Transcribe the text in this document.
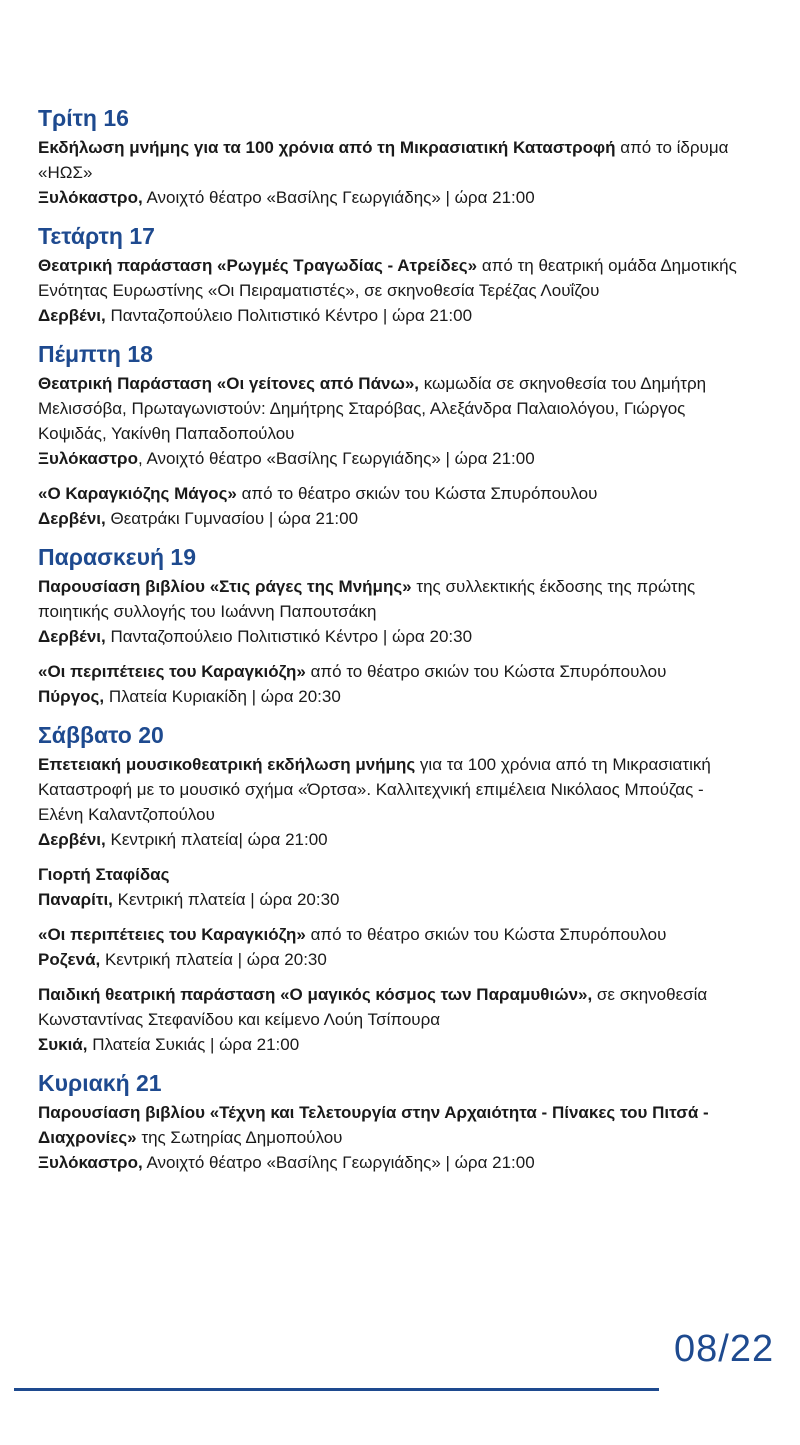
Τρίτη 16
Εκδήλωση μνήμης για τα 100 χρόνια από τη Μικρασιατική Καταστροφή από το ίδρυμα «ΗΩΣ»
Ξυλόκαστρο, Ανοιχτό θέατρο «Βασίλης Γεωργιάδης» | ώρα 21:00
Τετάρτη 17
Θεατρική παράσταση «Ρωγμές Τραγωδίας - Ατρείδες» από τη θεατρική ομάδα Δημοτικής Ενότητας Ευρωστίνης «Οι Πειραματιστές», σε σκηνοθεσία Τερέζας Λουΐζου
Δερβένι, Πανταζοπούλειο Πολιτιστικό Κέντρο | ώρα 21:00
Πέμπτη 18
Θεατρική Παράσταση «Οι γείτονες από Πάνω», κωμωδία σε σκηνοθεσία του Δημήτρη Μελισσόβα, Πρωταγωνιστούν: Δημήτρης Σταρόβας, Αλεξάνδρα Παλαιολόγου, Γιώργος Κοψιδάς, Υακίνθη Παπαδοπούλου
Ξυλόκαστρο, Ανοιχτό θέατρο «Βασίλης Γεωργιάδης» | ώρα 21:00
«Ο Καραγκιόζης Μάγος» από το θέατρο σκιών του Κώστα Σπυρόπουλου
Δερβένι, Θεατράκι Γυμνασίου | ώρα 21:00
Παρασκευή 19
Παρουσίαση βιβλίου «Στις ράγες της Μνήμης» της συλλεκτικής έκδοσης της πρώτης ποιητικής συλλογής του Ιωάννη Παπουτσάκη
Δερβένι, Πανταζοπούλειο Πολιτιστικό Κέντρο | ώρα 20:30
«Οι περιπέτειες του Καραγκιόζη» από το θέατρο σκιών του Κώστα Σπυρόπουλου
Πύργος, Πλατεία Κυριακίδη | ώρα 20:30
Σάββατο 20
Επετειακή μουσικοθεατρική εκδήλωση μνήμης για τα 100 χρόνια από τη Μικρασιατική Καταστροφή με το μουσικό σχήμα «Όρτσα». Καλλιτεχνική επιμέλεια Νικόλαος Μπούζας - Ελένη Καλαντζοπούλου
Δερβένι, Κεντρική πλατεία| ώρα 21:00
Γιορτή Σταφίδας
Παναρίτι, Κεντρική πλατεία | ώρα 20:30
«Οι περιπέτειες του Καραγκιόζη» από το θέατρο σκιών του Κώστα Σπυρόπουλου
Ροζενά, Κεντρική πλατεία | ώρα 20:30
Παιδική θεατρική παράσταση «Ο μαγικός κόσμος των Παραμυθιών», σε σκηνοθεσία Κωνσταντίνας Στεφανίδου και κείμενο Λούη Τσίπουρα
Συκιά, Πλατεία Συκιάς | ώρα 21:00
Κυριακή 21
Παρουσίαση βιβλίου «Τέχνη και Τελετουργία στην Αρχαιότητα - Πίνακες του Πιτσά - Διαχρονίες» της Σωτηρίας Δημοπούλου
Ξυλόκαστρο, Ανοιχτό θέατρο «Βασίλης Γεωργιάδης» | ώρα 21:00
08/22
